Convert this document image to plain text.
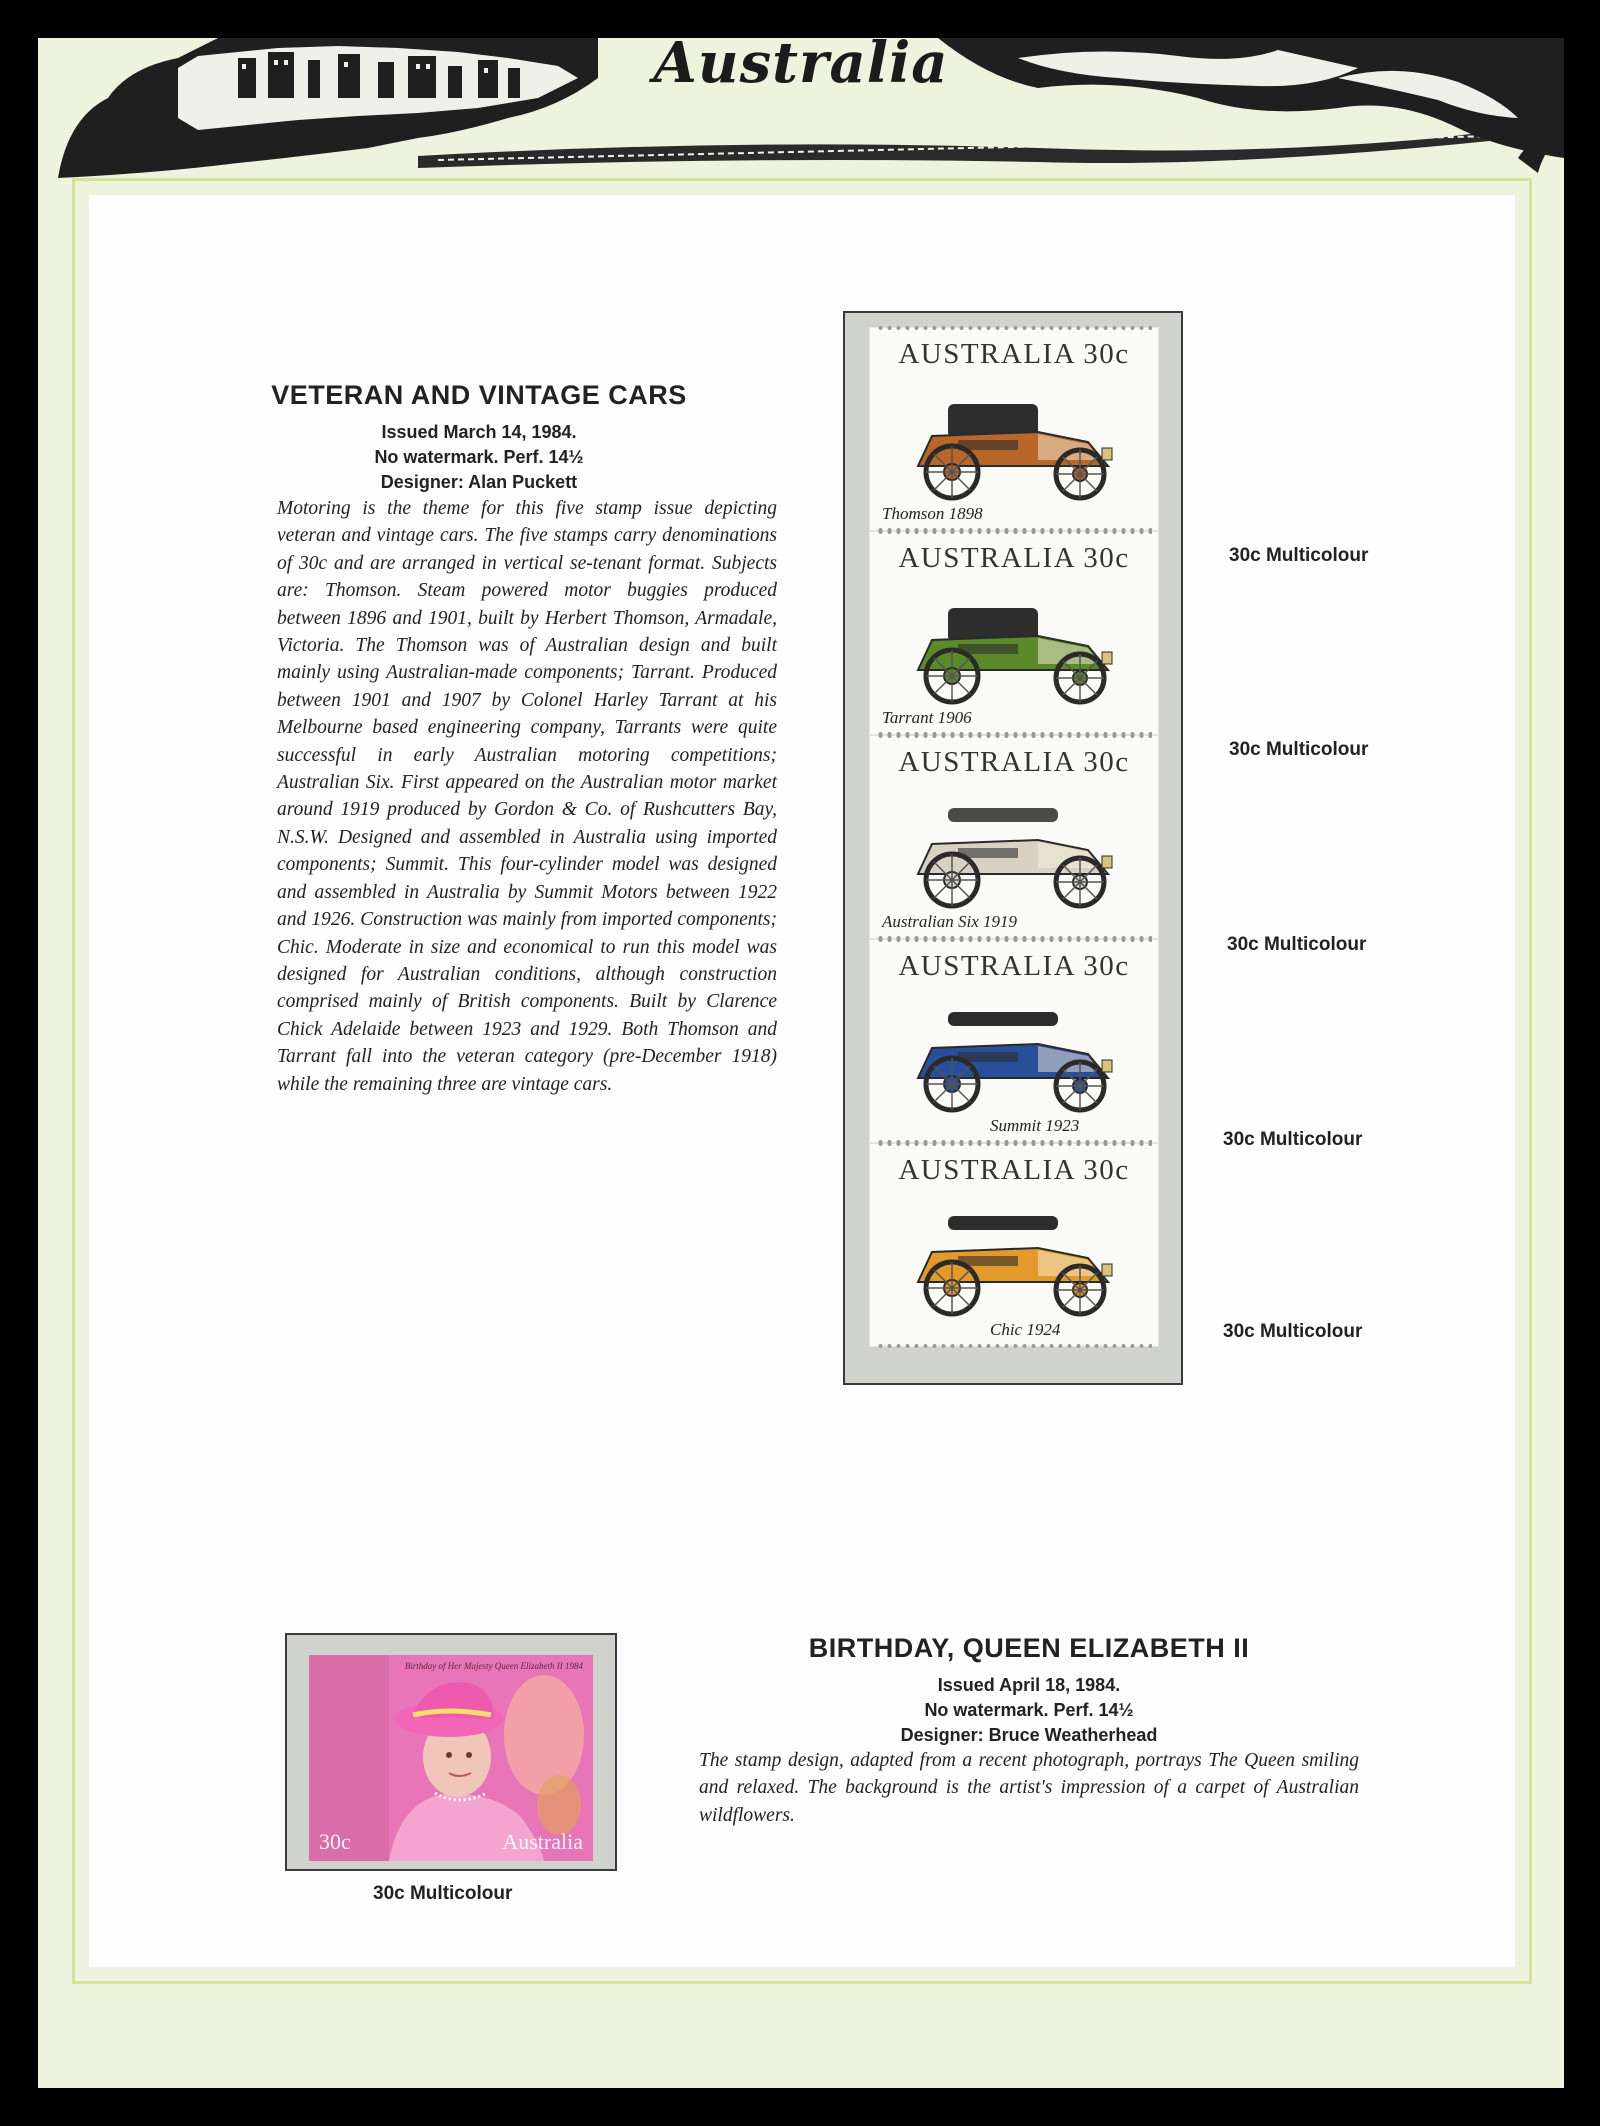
Australia
VETERAN AND VINTAGE CARS
Issued March 14, 1984.
No watermark. Perf. 14½
Designer: Alan Puckett
Motoring is the theme for this five stamp issue depicting veteran and vintage cars. The five stamps carry denominations of 30c and are arranged in vertical se-tenant format. Subjects are: Thomson. Steam powered motor buggies produced between 1896 and 1901, built by Herbert Thomson, Armadale, Victoria. The Thomson was of Australian design and built mainly using Australian-made components; Tarrant. Produced between 1901 and 1907 by Colonel Harley Tarrant at his Melbourne based engineering company, Tarrants were quite successful in early Australian motoring competitions; Australian Six. First appeared on the Australian motor market around 1919 produced by Gordon & Co. of Rushcutters Bay, N.S.W. Designed and assembled in Australia using imported components; Summit. This four-cylinder model was designed and assembled in Australia by Summit Motors between 1922 and 1926. Construction was mainly from imported components; Chic. Moderate in size and economical to run this model was designed for Australian conditions, although construction comprised mainly of British components. Built by Clarence Chick Adelaide between 1923 and 1929. Both Thomson and Tarrant fall into the veteran category (pre-December 1918) while the remaining three are vintage cars.
AUSTRALIA 30c
Thomson 1898
AUSTRALIA 30c
Tarrant 1906
AUSTRALIA 30c
Australian Six 1919
AUSTRALIA 30c
Summit 1923
AUSTRALIA 30c
Chic 1924
30c Multicolour
30c Multicolour
30c Multicolour
30c Multicolour
30c Multicolour
Birthday of Her Majesty Queen Elizabeth II 1984
30c	Australia
30c Multicolour
BIRTHDAY, QUEEN ELIZABETH II
Issued April 18, 1984.
No watermark. Perf. 14½
Designer: Bruce Weatherhead
The stamp design, adapted from a recent photograph, portrays The Queen smiling and relaxed. The background is the artist's impression of a carpet of Australian wildflowers.
